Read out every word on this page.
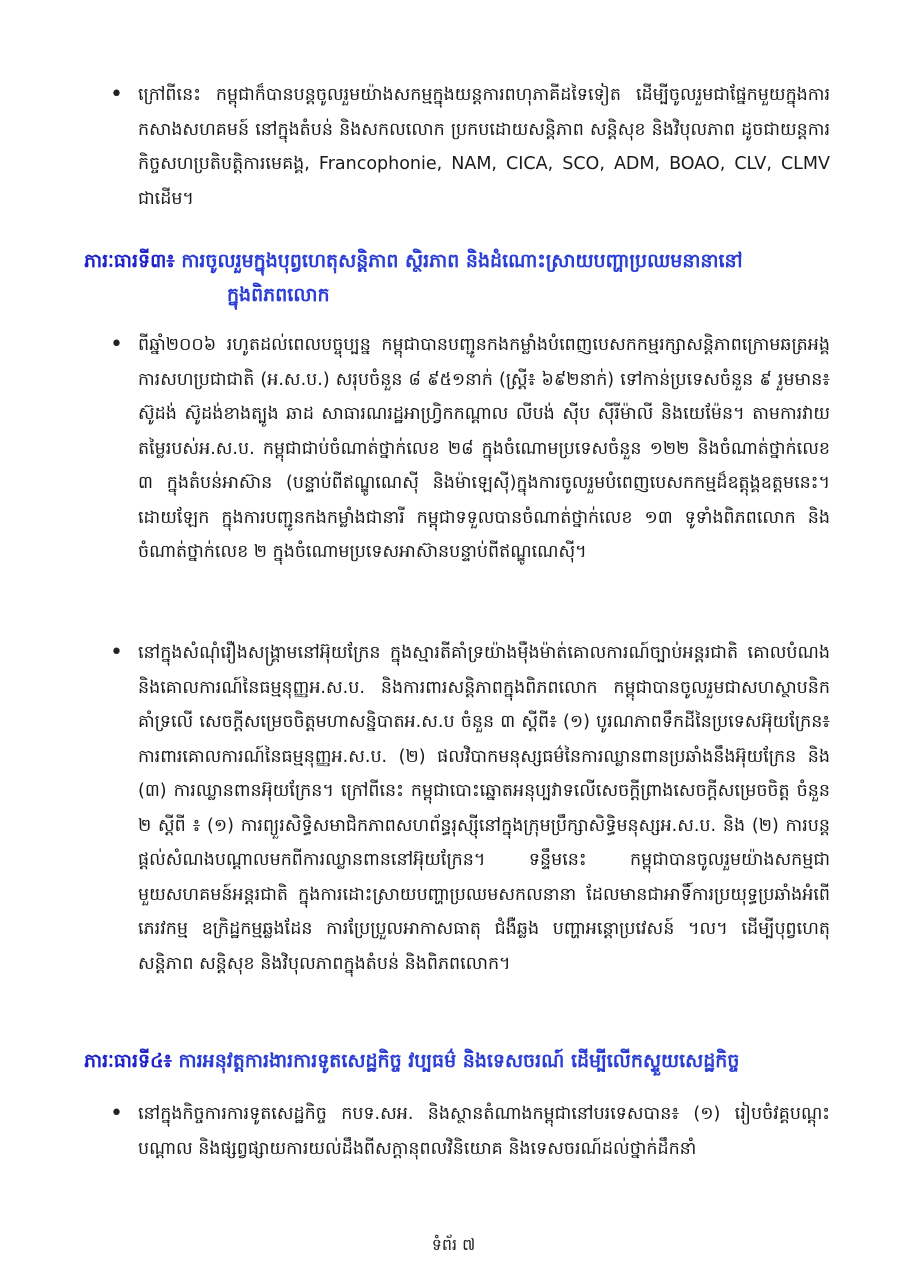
• ក្រៅពីនេះ កម្ពុជាក៏បានបន្តចូលរួមយ៉ាងសកម្មក្នុងយន្តការពហុភាគីដទៃទៀត ដើម្បីចូលរួមជាផ្នែកមួយក្នុងការកសាងសហគមន៍ នៅក្នុងតំបន់ និងសកលលោក ប្រកបដោយសន្តិភាព សន្តិសុខ និងវិបុលភាព ដូចជាយន្តការកិច្ចសហប្រតិបត្តិការមេគង្គ, Francophonie, NAM, CICA, SCO, ADM, BOAO, CLV, CLMV ជាដើម។

ភារៈធារទី៣៖ ការចូលរួមក្នុងបុព្វហេតុសន្តិភាព ស្ថិរភាព និងដំណោះស្រាយបញ្ហាប្រឈមនានានៅ
ក្នុងពិភពលោក
• ពីឆ្នាំ២០០៦ រហូតដល់ពេលបច្ចុប្បន្ន កម្ពុជាបានបញ្ជូនកងកម្លាំងបំពេញបេសកកម្មរក្សាសន្តិភាពក្រោមឆត្រអង្គការសហប្រជាជាតិ (អ.ស.ប.) សរុបចំនួន ៨ ៩៥១នាក់ (ស្ត្រី៖ ៦៩២នាក់) ទៅកាន់ប្រទេសចំនួន ៩ រួមមាន៖ ស៊ូដង់ ស៊ូដង់ខាងត្បូង ឆាដ សាធារណរដ្ឋអាហ្វ្រិកកណ្តាល លីបង់ ស៊ីប ស៊ីរីម៉ាលី និងយេម៉ែន។ តាមការវាយតម្លៃរបស់អ.ស.ប. កម្ពុជាជាប់ចំណាត់ថ្នាក់លេខ ២៨ ក្នុងចំណោមប្រទេសចំនួន ១២២ និងចំណាត់ថ្នាក់លេខ ៣ ក្នុងតំបន់អាស៊ាន (បន្ទាប់ពីឥណ្ឌូណេស៊ី និងម៉ាឡេស៊ី)ក្នុងការចូលរួមបំពេញបេសកកម្មដ៏ឧត្តុង្គឧត្តមនេះ។ ដោយឡែក ក្នុងការបញ្ជូនកងកម្លាំងជានារី កម្ពុជាទទួលបានចំណាត់ថ្នាក់លេខ ១៣ ទូទាំងពិភពលោក និងចំណាត់ថ្នាក់លេខ ២ ក្នុងចំណោមប្រទេសអាស៊ានបន្ទាប់ពីឥណ្ឌូណេស៊ី។

• នៅក្នុងសំណុំរឿងសង្គ្រាមនៅអ៊ុយក្រែន ក្នុងស្មារតីគាំទ្រយ៉ាងម៉ឺងម៉ាត់គោលការណ៍ច្បាប់អន្តរជាតិ គោលបំណងនិងគោលការណ៍នៃធម្មនុញ្ញអ.ស.ប. និងការពារសន្តិភាពក្នុងពិភពលោក កម្ពុជាបានចូលរួមជាសហស្ថាបនិកគាំទ្រលើ សេចក្តីសម្រេចចិត្តមហាសន្និបាតអ.ស.ប ចំនួន ៣ ស្តីពី៖ (១) បូរណភាពទឹកដីនៃប្រទេសអ៊ុយក្រែន៖ ការពារគោលការណ៍នៃធម្មនុញ្ញអ.ស.ប. (២) ផលវិបាកមនុស្សធម៌នៃការឈ្លានពានប្រឆាំងនឹងអ៊ុយក្រែន និង (៣) ការឈ្លានពានអ៊ុយក្រែន។ ក្រៅពីនេះ កម្ពុជាបោះឆ្នោតអនុប្បវាទលើសេចក្តីព្រាងសេចក្តីសម្រេចចិត្ត ចំនួន ២ ស្តីពី ៖ (១) ការព្យួរសិទ្ធិសមាជិកភាពសហព័ន្ធរុស្ស៊ីនៅក្នុងក្រុមប្រឹក្សាសិទ្ធិមនុស្សអ.ស.ប. និង (២) ការបន្តផ្តល់សំណងបណ្តាលមកពីការឈ្លានពាននៅអ៊ុយក្រែន។ ទន្ទឹមនេះ កម្ពុជាបានចូលរួមយ៉ាងសកម្មជាមួយសហគមន៍អន្តរជាតិ ក្នុងការដោះស្រាយបញ្ហាប្រឈមសកលនានា ដែលមានជាអាទិ៍ការប្រយុទ្ធប្រឆាំងអំពើភេរវកម្ម ឧក្រិដ្ឋកម្មឆ្លងដែន ការប្រែប្រួលអាកាសធាតុ ជំងឺឆ្លង បញ្ហាអន្តោប្រវេសន៍ ។ល។ ដើម្បីបុព្វហេតុសន្តិភាព សន្តិសុខ និងវិបុលភាពក្នុងតំបន់ និងពិភពលោក។

ភារៈធារទី៤៖ ការអនុវត្តការងារការទូតសេដ្ឋកិច្ច វប្បធម៌ និងទេសចរណ៍ ដើម្បីលើកស្ទួយសេដ្ឋកិច្ច
• នៅក្នុងកិច្ចការការទូតសេដ្ឋកិច្ច កបទ.សអ. និងស្ថានតំណាងកម្ពុជានៅបរទេសបាន៖ (១) រៀបចំវគ្គបណ្តុះបណ្តាល និងផ្សព្វផ្សាយការយល់ដឹងពីសក្តានុពលវិនិយោគ និងទេសចរណ៍ដល់ថ្នាក់ដឹកនាំ

ទំព័រ ៧
